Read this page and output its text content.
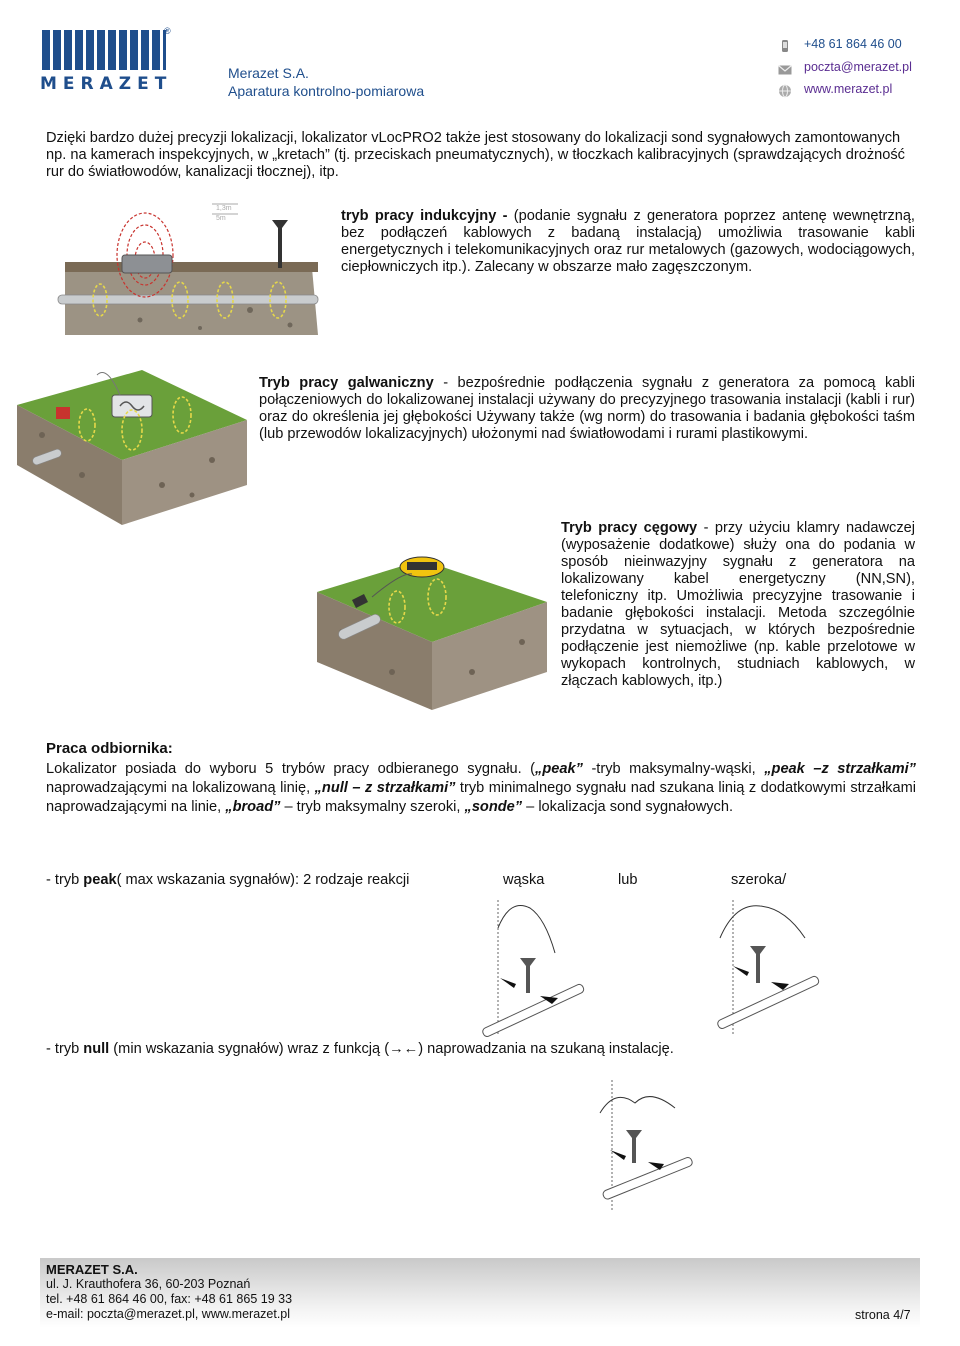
®
MERAZET
Merazet S.A.
Aparatura kontrolno-pomiarowa
+48 61 864 46 00
poczta@merazet.pl
www.merazet.pl
Dzięki bardzo dużej precyzji lokalizacji, lokalizator vLocPRO2 także jest stosowany do lokalizacji sond sygnałowych zamontowanych np. na kamerach inspekcyjnych, w „kretach” (tj. przeciskach pneumatycznych), w tłoczkach kalibracyjnych (sprawdzających drożność rur do światłowodów, kanalizacji tłocznej), itp.
1,3m
5m	tryb pracy indukcyjny - (podanie sygnału z generatora poprzez antenę wewnętrzną, bez podłączeń kablowych z badaną instalacją) umożliwia trasowanie kabli energetycznych i telekomunikacyjnych oraz rur metalowych (gazowych, wodociągowych, ciepłowniczych itp.). Zalecany w obszarze mało zagęszczonym.
Tryb pracy galwaniczny - bezpośrednie podłączenia sygnału z generatora za pomocą kabli połączeniowych do lokalizowanej instalacji używany do precyzyjnego trasowania instalacji (kabli i rur) oraz do określenia jej głębokości Używany także (wg norm) do trasowania i badania głębokości taśm (lub przewodów lokalizacyjnych) ułożonymi nad światłowodami i rurami plastikowymi.
Tryb pracy cęgowy - przy użyciu klamry nadawczej (wyposażenie dodatkowe) służy ona do podania w sposób nieinwazyjny sygnału z generatora na lokalizowany kabel energetyczny (NN,SN), telefoniczny itp. Umożliwia precyzyjne trasowanie i badanie głębokości instalacji. Metoda szczególnie przydatna w sytuacjach, w których bezpośrednie podłączenie jest niemożliwe (np. kable przelotowe w wykopach kontrolnych, studniach kablowych, w złączach kablowych, itp.)
Praca odbiornika:
Lokalizator posiada do wyboru 5 trybów pracy odbieranego sygnału. („peak” -tryb maksymalny-wąski, „peak –z strzałkami” naprowadzającymi na lokalizowaną linię, „null – z strzałkami” tryb minimalnego sygnału nad szukana linią z dodatkowymi strzałkami naprowadzającymi na linie, „broad” – tryb maksymalny szeroki, „sonde” – lokalizacja sond sygnałowych.
- tryb peak( max wskazania sygnałów): 2 rodzaje reakcji	wąska	lub	szeroka/
- tryb null (min wskazania sygnałów) wraz z funkcją (→←) naprowadzania na szukaną instalację.
MERAZET S.A.
ul. J. Krauthofera 36, 60-203 Poznań
tel. +48 61 864 46 00, fax: +48 61 865 19 33
e-mail: poczta@merazet.pl, www.merazet.pl	strona 4/7
